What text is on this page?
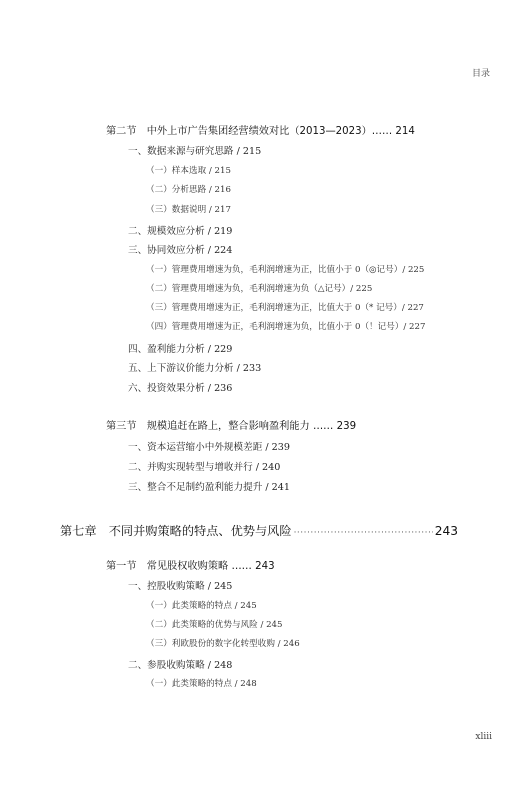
目录
第二节　中外上市广告集团经营绩效对比（2013—2023）…… 214
一、数据来源与研究思路 / 215
（一）样本选取 / 215
（二）分析思路 / 216
（三）数据说明 / 217
二、规模效应分析 / 219
三、协同效应分析 / 224
（一）管理费用增速为负，毛利润增速为正，比值小于 0（◎记号）/ 225
（二）管理费用增速为负，毛利润增速为负（△记号）/ 225
（三）管理费用增速为正，毛利润增速为正，比值大于 0（* 记号）/ 227
（四）管理费用增速为正，毛利润增速为负，比值小于 0（！记号）/ 227
四、盈利能力分析 / 229
五、上下游议价能力分析 / 233
六、投资效果分析 / 236
第三节　规模追赶在路上，整合影响盈利能力 …… 239
一、资本运营缩小中外规模差距 / 239
二、并购实现转型与增收并行 / 240
三、整合不足制约盈利能力提升 / 241
第七章　不同并购策略的特点、优势与风险 ·····	243
第一节　常见股权收购策略 …… 243
一、控股收购策略 / 245
（一）此类策略的特点 / 245
（二）此类策略的优势与风险 / 245
（三）利欧股份的数字化转型收购 / 246
二、参股收购策略 / 248
（一）此类策略的特点 / 248
xliii
